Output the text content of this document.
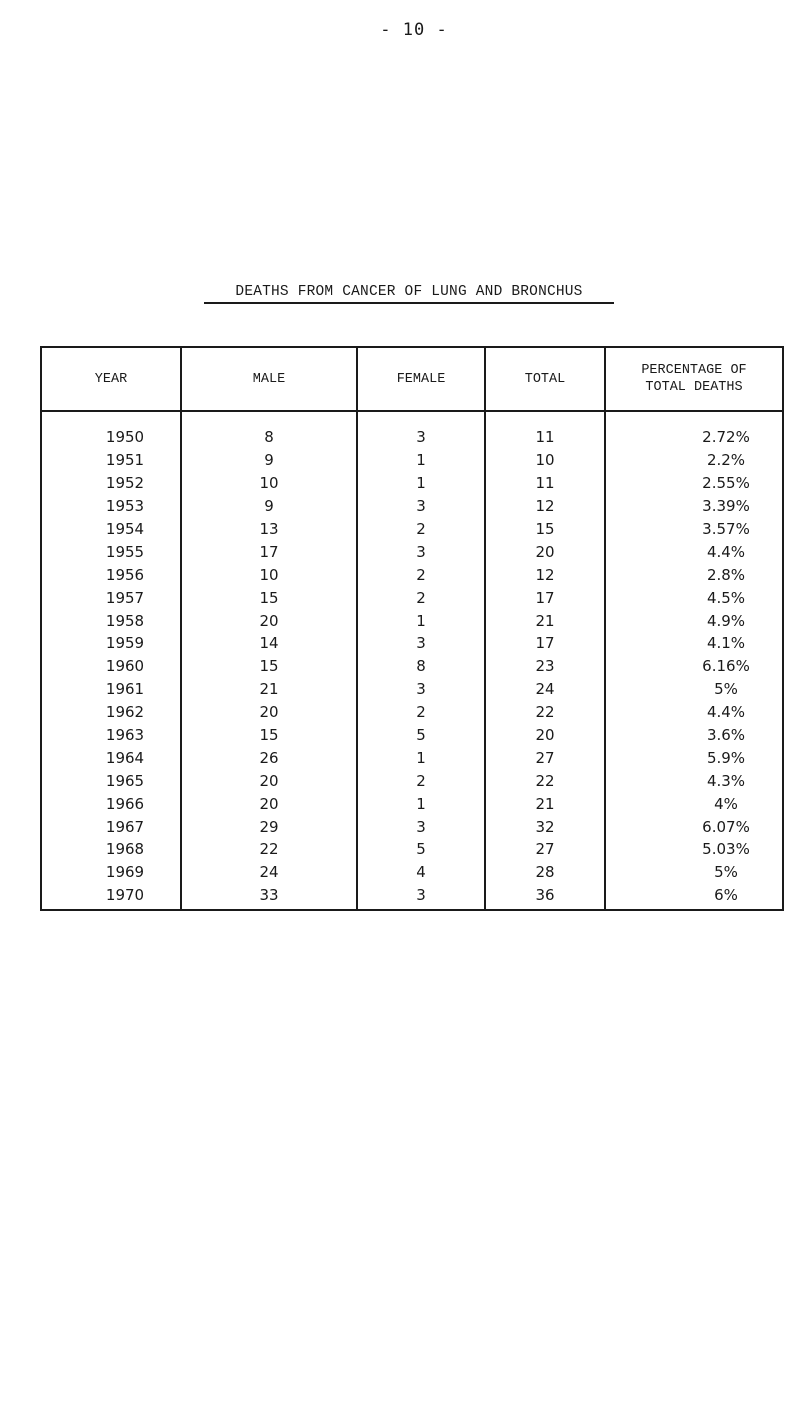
- 10 -
DEATHS FROM CANCER OF LUNG AND BRONCHUS
YEAR	MALE	FEMALE	TOTAL	PERCENTAGE OF
TOTAL DEATHS
1950	8	3	11	2.72%
1951	9	1	10	2.2%
1952	10	1	11	2.55%
1953	9	3	12	3.39%
1954	13	2	15	3.57%
1955	17	3	20	4.4%
1956	10	2	12	2.8%
1957	15	2	17	4.5%
1958	20	1	21	4.9%
1959	14	3	17	4.1%
1960	15	8	23	6.16%
1961	21	3	24	5%
1962	20	2	22	4.4%
1963	15	5	20	3.6%
1964	26	1	27	5.9%
1965	20	2	22	4.3%
1966	20	1	21	4%
1967	29	3	32	6.07%
1968	22	5	27	5.03%
1969	24	4	28	5%
1970	33	3	36	6%
